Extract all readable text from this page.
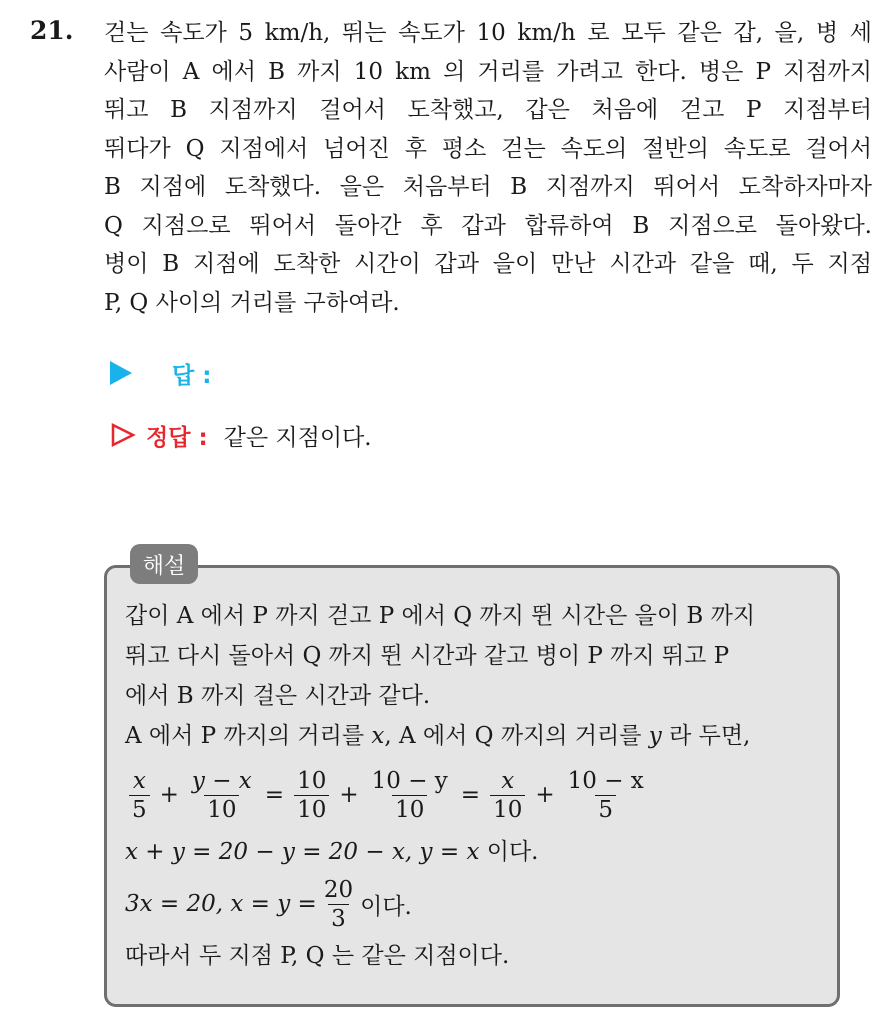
21. 걷는 속도가 5 km/h, 뛰는 속도가 10 km/h 로 모두 같은 갑, 을, 병 세
사람이 A 에서 B 까지 10 km 의 거리를 가려고 한다. 병은 P 지점까지
뛰고 B 지점까지 걸어서 도착했고, 갑은 처음에 걷고 P 지점부터
뛰다가 Q 지점에서 넘어진 후 평소 걷는 속도의 절반의 속도로 걸어서
B 지점에 도착했다. 을은 처음부터 B 지점까지 뛰어서 도착하자마자
Q 지점으로 뛰어서 돌아간 후 갑과 합류하여 B 지점으로 돌아왔다.
병이 B 지점에 도착한 시간이 갑과 을이 만난 시간과 같을 때, 두 지점
P, Q 사이의 거리를 구하여라.
답 :
정답 : 같은 지점이다.
해설
갑이 A 에서 P 까지 걷고 P 에서 Q 까지 뛴 시간은 을이 B 까지
뛰고 다시 돌아서 Q 까지 뛴 시간과 같고 병이 P 까지 뛰고 P
에서 B 까지 걸은 시간과 같다.
A 에서 P 까지의 거리를 x, A 에서 Q 까지의 거리를 y 라 두면,
$\frac{x}{5} + \frac{y - x}{10} = \frac{10}{10} + \frac{10 - y}{10} = \frac{x}{10} + \frac{10 - x}{5}$
x + y = 20 − y = 20 − x, y = x 이다.
3x = 20, $x = y = \frac{20}{3}$ 이다.
따라서 두 지점 P, Q 는 같은 지점이다.
